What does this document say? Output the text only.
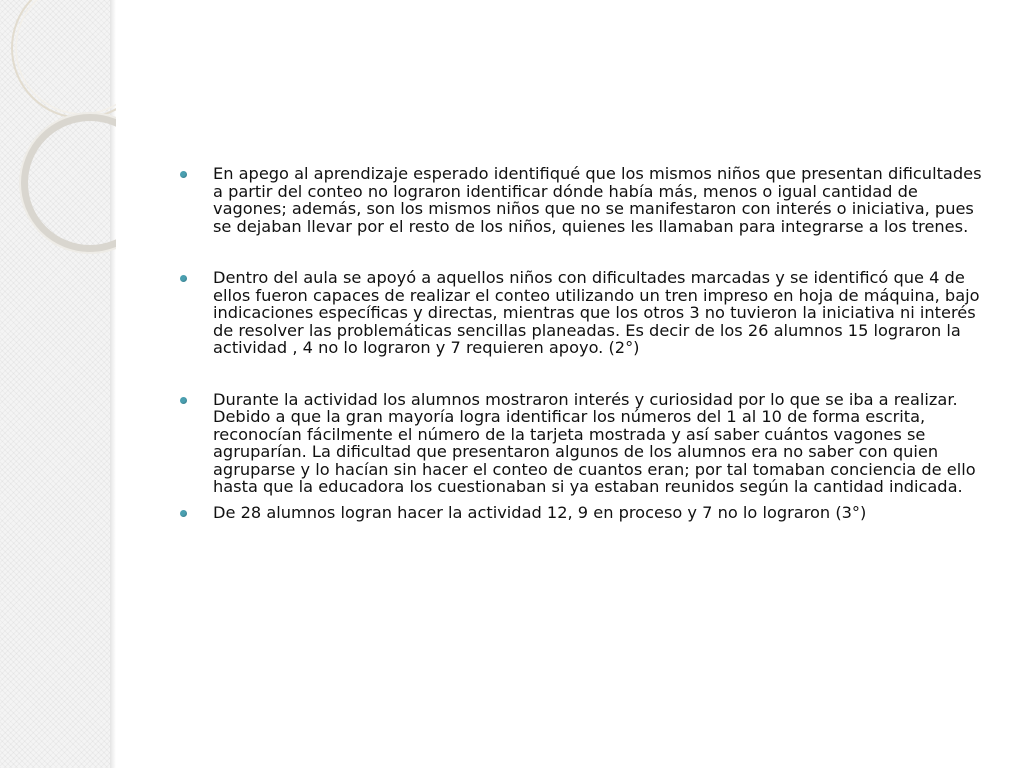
En apego al aprendizaje esperado identifiqué que los mismos niños que presentan dificultades a partir del conteo no lograron identificar dónde había más, menos o igual cantidad de vagones; además, son los mismos niños que no se manifestaron con interés o iniciativa, pues se dejaban llevar por el resto de los niños, quienes les llamaban para integrarse a los trenes.
Dentro del aula se apoyó a aquellos niños con dificultades marcadas y se identificó que 4 de ellos fueron capaces de realizar el conteo utilizando un tren impreso en hoja de máquina, bajo indicaciones específicas y directas, mientras que los otros 3 no tuvieron la iniciativa ni interés de resolver las problemáticas sencillas planeadas. Es decir de los 26 alumnos 15 lograron la actividad , 4 no lo lograron y 7 requieren apoyo. (2°)
Durante la actividad los alumnos mostraron interés y curiosidad por lo que se iba a realizar. Debido a que la gran mayoría logra identificar los números del 1 al 10 de forma escrita, reconocían fácilmente el número de la tarjeta mostrada y así saber cuántos vagones se agruparían. La dificultad que presentaron algunos de los alumnos era no saber con quien agruparse y lo hacían sin hacer el conteo de cuantos eran; por tal tomaban conciencia de ello hasta que la educadora los cuestionaban si ya estaban reunidos según la cantidad indicada.
De 28 alumnos logran hacer la actividad 12, 9 en proceso y 7 no lo lograron (3°)
